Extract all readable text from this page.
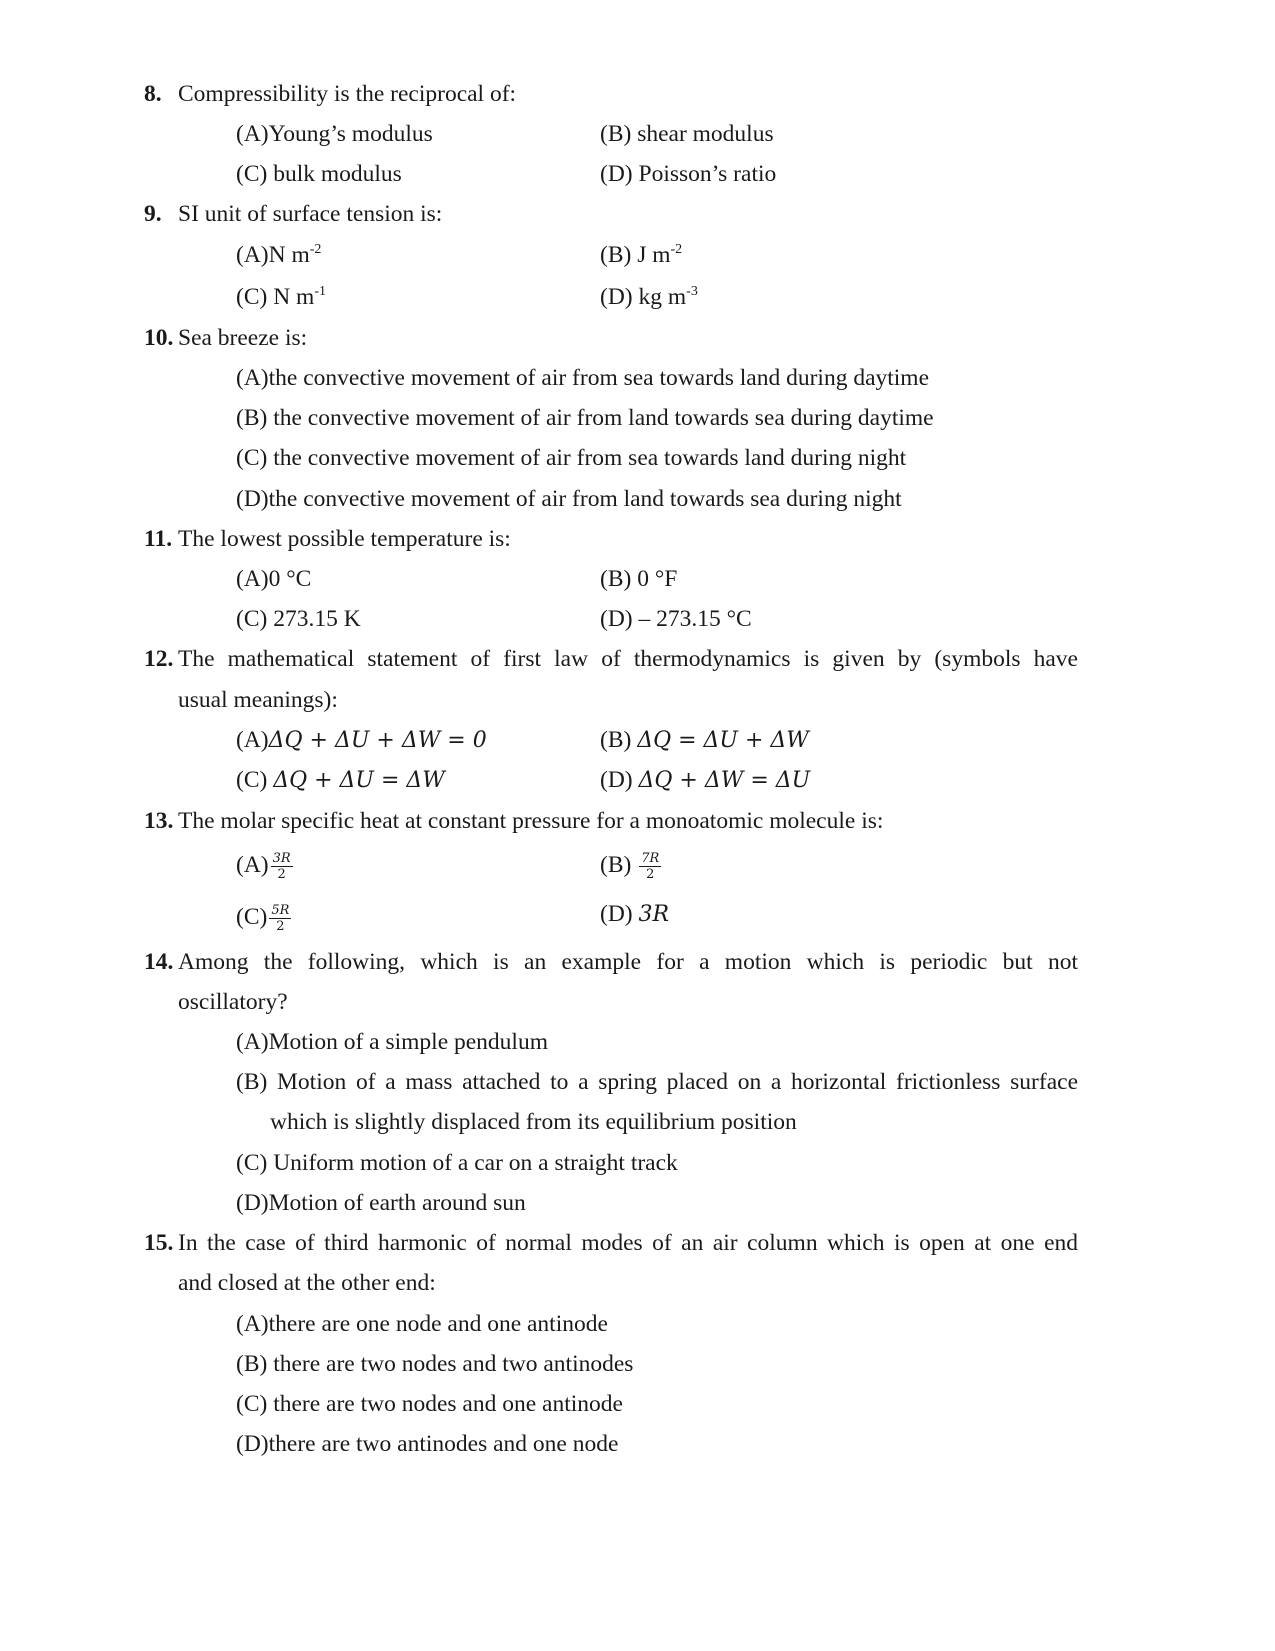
8. Compressibility is the reciprocal of:
(A)Young’s modulus	(B) shear modulus
(C) bulk modulus	(D) Poisson’s ratio
9. SI unit of surface tension is:
(A)N $m^{-2}$	(B) J $m^{-2}$
(C) N $m^{-1}$	(D) kg $m^{-3}$
10. Sea breeze is:
(A)the convective movement of air from sea towards land during daytime
(B) the convective movement of air from land towards sea during daytime
(C) the convective movement of air from sea towards land during night
(D)the convective movement of air from land towards sea during night
11. The lowest possible temperature is:
(A)0 °C	(B) 0 °F
(C) 273.15 K	(D) – 273.15 °C
12. The mathematical statement of first law of thermodynamics is given by (symbols have
usual meanings):
(A)ΔQ + ΔU + ΔW = 0	(B) ΔQ = ΔU + ΔW
(C) ΔQ + ΔU = ΔW	(D) ΔQ + ΔW = ΔU
13. The molar specific heat at constant pressure for a monoatomic molecule is:
$(A) \frac{3R}{2}$	$(B) \frac{7R}{2}$
$(C) \frac{5R}{2}$	(D) 3R
14. Among the following, which is an example for a motion which is periodic but not
oscillatory?
(A)Motion of a simple pendulum
(B) Motion of a mass attached to a spring placed on a horizontal frictionless surface
which is slightly displaced from its equilibrium position
(C) Uniform motion of a car on a straight track
(D)Motion of earth around sun
15. In the case of third harmonic of normal modes of an air column which is open at one end
and closed at the other end:
(A)there are one node and one antinode
(B) there are two nodes and two antinodes
(C) there are two nodes and one antinode
(D)there are two antinodes and one node
